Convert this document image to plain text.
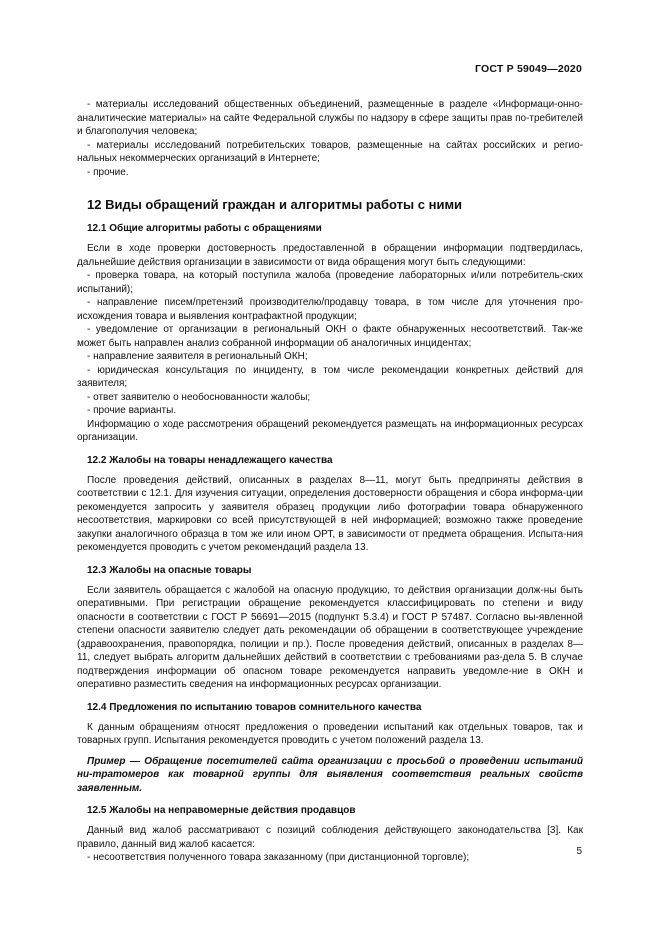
ГОСТ Р 59049—2020

- материалы исследований общественных объединений, размещенные в разделе «Информаци-онно-аналитические материалы» на сайте Федеральной службы по надзору в сфере защиты прав по-требителей и благополучия человека;

- материалы исследований потребительских товаров, размещенные на сайтах российских и регио-нальных некоммерческих организаций в Интернете;

- прочие.

12 Виды обращений граждан и алгоритмы работы с ними
12.1 Общие алгоритмы работы с обращениями

Если в ходе проверки достоверность предоставленной в обращении информации подтвердилась, дальнейшие действия организации в зависимости от вида обращения могут быть следующими:

- проверка товара, на который поступила жалоба (проведение лабораторных и/или потребитель-ских испытаний);

- направление писем/претензий производителю/продавцу товара, в том числе для уточнения про-исхождения товара и выявления контрафактной продукции;

- уведомление от организации в региональный ОКН о факте обнаруженных несоответствий. Так-же может быть направлен анализ собранной информации об аналогичных инцидентах;

- направление заявителя в региональный ОКН;

- юридическая консультация по инциденту, в том числе рекомендации конкретных действий для заявителя;

- ответ заявителю о необоснованности жалобы;

- прочие варианты.

Информацию о ходе рассмотрения обращений рекомендуется размещать на информационных ресурсах организации.

12.2 Жалобы на товары ненадлежащего качества

После проведения действий, описанных в разделах 8—11, могут быть предприняты действия в соответствии с 12.1. Для изучения ситуации, определения достоверности обращения и сбора информа-ции рекомендуется запросить у заявителя образец продукции либо фотографии товара обнаруженного несоответствия, маркировки со всей присутствующей в ней информацией; возможно также проведение закупки аналогичного образца в том же или ином ОРТ, в зависимости от предмета обращения. Испыта-ния рекомендуется проводить с учетом рекомендаций раздела 13.

12.3 Жалобы на опасные товары

Если заявитель обращается с жалобой на опасную продукцию, то действия организации долж-ны быть оперативными. При регистрации обращение рекомендуется классифицировать по степени и виду опасности в соответствии с ГОСТ Р 56691—2015 (подпункт 5.3.4) и ГОСТ Р 57487. Согласно вы-явленной степени опасности заявителю следует дать рекомендации об обращении в соответствующее учреждение (здравоохранения, правопорядка, полиции и пр.). После проведения действий, описанных в разделах 8—11, следует выбрать алгоритм дальнейших действий в соответствии с требованиями раз-дела 5. В случае подтверждения информации об опасном товаре рекомендуется направить уведомле-ние в ОКН и оперативно разместить сведения на информационных ресурсах организации.

12.4 Предложения по испытанию товаров сомнительного качества

К данным обращениям относят предложения о проведении испытаний как отдельных товаров, так и товарных групп. Испытания рекомендуется проводить с учетом положений раздела 13.

Пример — Обращение посетителей сайта организации с просьбой о проведении испытаний ни-тратомеров как товарной группы для выявления соответствия реальных свойств заявленным.

12.5 Жалобы на неправомерные действия продавцов

Данный вид жалоб рассматривают с позиций соблюдения действующего законодательства [3]. Как правило, данный вид жалоб касается:

- несоответствия полученного товара заказанному (при дистанционной торговле);

5
